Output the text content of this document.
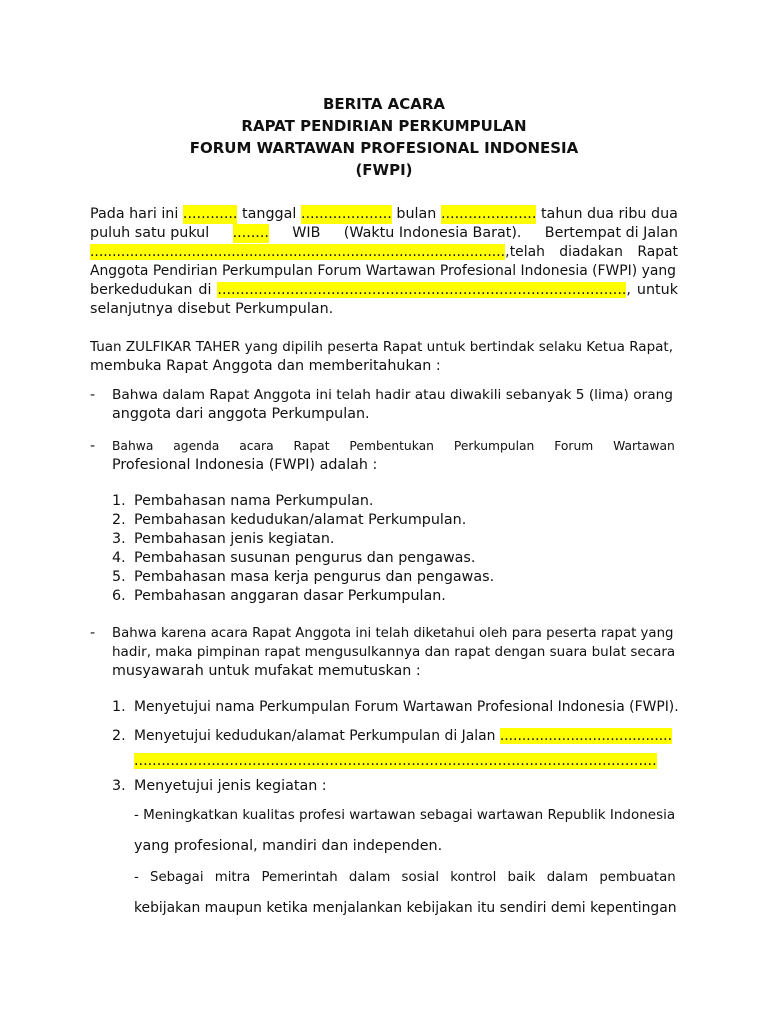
BERITA ACARA
RAPAT PENDIRIAN PERKUMPULAN
FORUM WARTAWAN PROFESIONAL INDONESIA
(FWPI)
Pada hari ini ............ tanggal .................... bulan ..................... tahun dua ribu dua
puluh satu pukul ........ WIB (Waktu Indonesia Barat). Bertempat di Jalan
.............................................................................................., telah diadakan Rapat
Anggota Pendirian Perkumpulan Forum Wartawan Profesional Indonesia (FWPI) yang
berkedudukan di .........................................................................................., untuk
selanjutnya disebut Perkumpulan.
Tuan ZULFIKAR TAHER yang dipilih peserta Rapat untuk bertindak selaku Ketua Rapat,
membuka Rapat Anggota dan memberitahukan :
- Bahwa dalam Rapat Anggota ini telah hadir atau diwakili sebanyak 5 (lima) orang
anggota dari anggota Perkumpulan.
- Bahwa agenda acara Rapat Pembentukan Perkumpulan Forum Wartawan
Profesional Indonesia (FWPI) adalah :
1. Pembahasan nama Perkumpulan.
2. Pembahasan kedudukan/alamat Perkumpulan.
3. Pembahasan jenis kegiatan.
4. Pembahasan susunan pengurus dan pengawas.
5. Pembahasan masa kerja pengurus dan pengawas.
6. Pembahasan anggaran dasar Perkumpulan.
- Bahwa karena acara Rapat Anggota ini telah diketahui oleh para peserta rapat yang
hadir, maka pimpinan rapat mengusulkannya dan rapat dengan suara bulat secara
musyawarah untuk mufakat memutuskan :
1. Menyetujui nama Perkumpulan Forum Wartawan Profesional Indonesia (FWPI).
2. Menyetujui kedudukan/alamat Perkumpulan di Jalan .......................................
...................................................................................................................
3. Menyetujui jenis kegiatan :
- Meningkatkan kualitas profesi wartawan sebagai wartawan Republik Indonesia
yang profesional, mandiri dan independen.
- Sebagai mitra Pemerintah dalam sosial kontrol baik dalam pembuatan
kebijakan maupun ketika menjalankan kebijakan itu sendiri demi kepentingan
